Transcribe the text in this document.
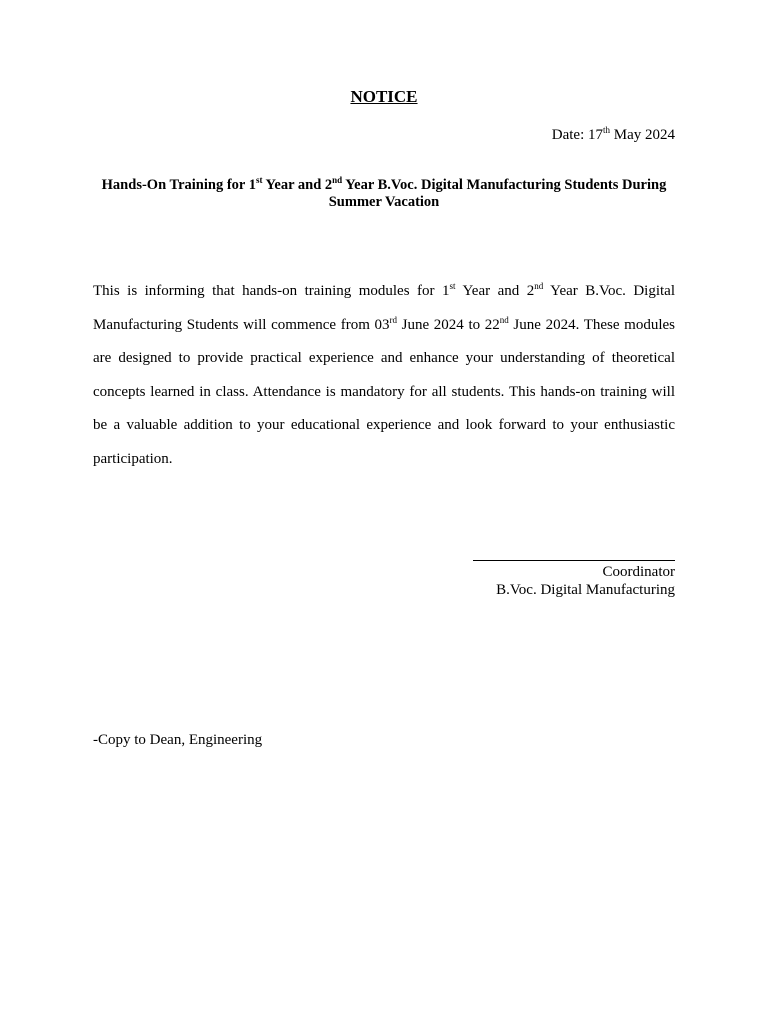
NOTICE
Date: 17th May 2024
Hands-On Training for 1st Year and 2nd Year B.Voc. Digital Manufacturing Students During Summer Vacation

This is informing that hands-on training modules for 1st Year and 2nd Year B.Voc. Digital Manufacturing Students will commence from 03rd June 2024 to 22nd June 2024. These modules are designed to provide practical experience and enhance your understanding of theoretical concepts learned in class. Attendance is mandatory for all students. This hands-on training will be a valuable addition to your educational experience and look forward to your enthusiastic participation.

Coordinator
B.Voc. Digital Manufacturing
-Copy to Dean, Engineering
